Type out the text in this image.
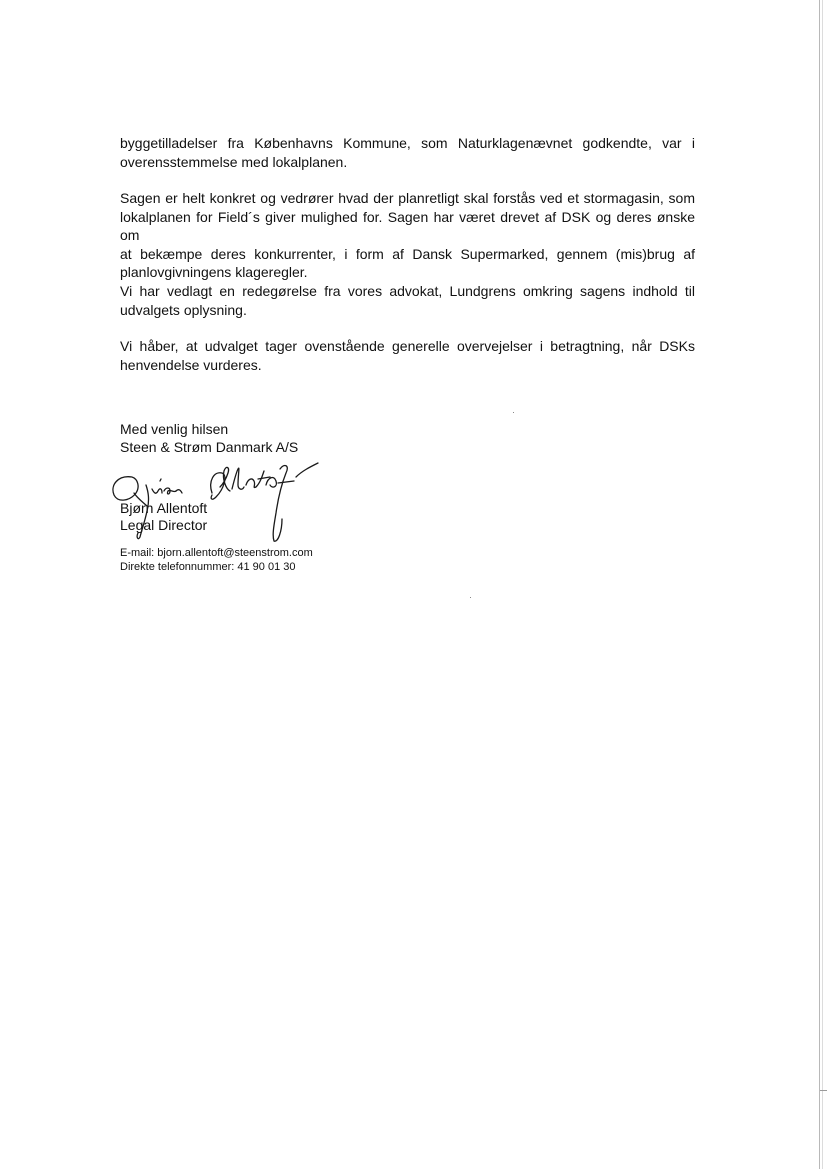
byggetilladelser fra Københavns Kommune, som Naturklagenævnet godkendte, var i
overensstemmelse med lokalplanen.
Sagen er helt konkret og vedrører hvad der planretligt skal forstås ved et stormagasin, som
lokalplanen for Field´s giver mulighed for. Sagen har været drevet af DSK og deres ønske om
at bekæmpe deres konkurrenter, i form af Dansk Supermarked, gennem (mis)brug af
planlovgivningens klageregler.
Vi har vedlagt en redegørelse fra vores advokat, Lundgrens omkring sagens indhold til
udvalgets oplysning.
Vi håber, at udvalget tager ovenstående generelle overvejelser i betragtning, når DSKs
henvendelse vurderes.
Med venlig hilsen
Steen & Strøm Danmark A/S
Bjørn Allentoft
Legal Director
E-mail: bjorn.allentoft@steenstrom.com
Direkte telefonnummer: 41 90 01 30
